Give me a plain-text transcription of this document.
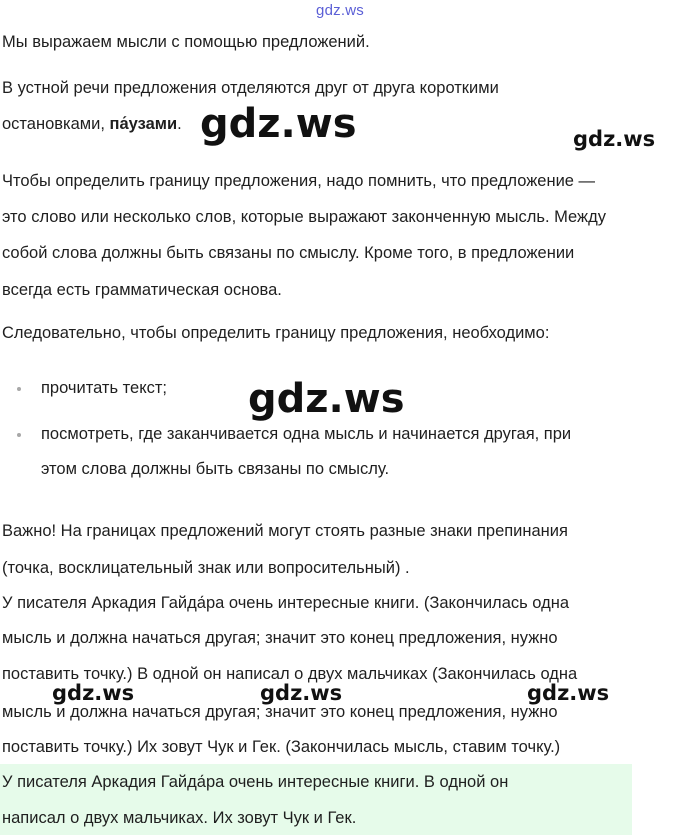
gdz.ws
Мы выражаем мысли с помощью предложений.
В устной речи предложения отделяются друг от друга короткими
остановками, па́узами. gdz.ws	gdz.ws
Чтобы определить границу предложения, надо помнить, что предложение —
это слово или несколько слов, которые выражают законченную мысль. Между
собой слова должны быть связаны по смыслу. Кроме того, в предложении
всегда есть грамматическая основа.
Следовательно, чтобы определить границу предложения, необходимо:
прочитать текст; gdz.ws
посмотреть, где заканчивается одна мысль и начинается другая, при
этом слова должны быть связаны по смыслу.
Важно! На границах предложений могут стоять разные знаки препинания
(точка, восклицательный знак или вопросительный) .
У писателя Аркадия Гайда́ра очень интересные книги. (Закончилась одна
мысль и должна начаться другая; значит это конец предложения, нужно
поставить точку.) В одной он написал о двух мальчиках (Закончилась одна
gdz.ws	gdz.ws	gdz.ws
мысль и должна начаться другая; значит это конец предложения, нужно
поставить точку.) Их зовут Чук и Гек. (Закончилась мысль, ставим точку.)
У писателя Аркадия Гайда́ра очень интересные книги. В одной он
написал о двух мальчиках. Их зовут Чук и Гек.
